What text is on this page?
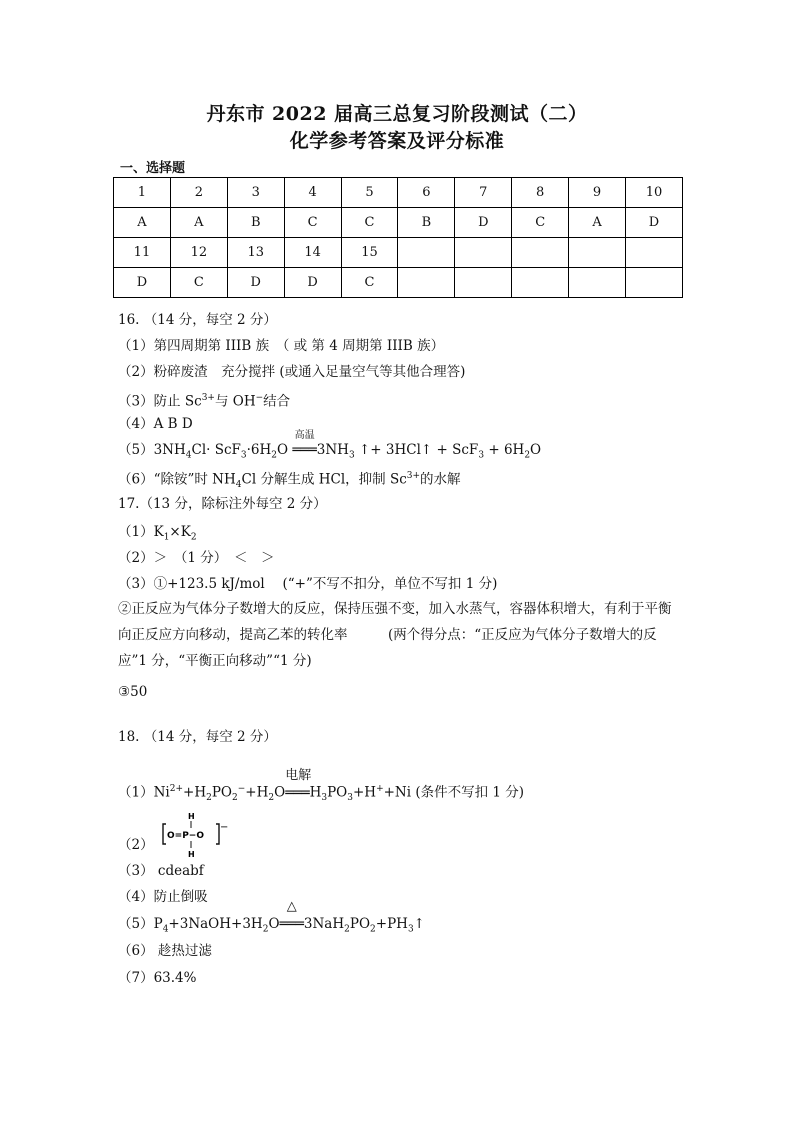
丹东市 2022 届高三总复习阶段测试（二）
化学参考答案及评分标准
一、选择题
1	2	3	4	5	6	7	8	9	10
A	A	B	C	C	B	D	C	A	D
11	12	13	14	15					
D	C	D	D	C					
16. （14 分，每空 2 分）
（1）第四周期第 IIIB 族　（ 或 第 4 周期第 IIIB 族）
（2）粉碎废渣　充分搅拌 (或通入足量空气等其他合理答)
（3）防止 $Sc^{3+}$与 OH−结合
（4）A B D
$(5)3NH_4Cl\cdot ScF_3\cdot 6H_2O$
高温
$═══3NH_3$ ↑+ 3HCl↑ + $ScF_3 + 6H_2O$
（6）“除铵”时 $NH_4Cl$ 分解生成 HCl，抑制 $Sc^{3+}$的水解
17.（13 分，除标注外每空 2 分）
$(1)K_1\times K_2$
（2）＞　（1 分）　＜　＞
（3）①+123.5 kJ/mol　 (“+”不写不扣分，单位不写扣 1 分)
②正反应为气体分子数增大的反应，保持压强不变，加入水蒸气，容器体积增大，有利于平衡向正反应方向移动，提高乙苯的转化率　　　(两个得分点：“正反应为气体分子数增大的反应”1 分，“平衡正向移动”“1 分)
③50
18. （14 分，每空 2 分）
$(1)Ni^{2+}+H_2PO_2^-+H_2O$
电解
$═══H_3PO_3+H^++Ni$ (条件不写扣 1 分)
（2）
H
O=P−O
−
H
（3） cdeabf
（4）防止倒吸
$(5)P_4+3NaOH+3H_2O$
△
$═══3NaH_2PO_2+PH_3↑$
（6） 趁热过滤
（7）63.4%
